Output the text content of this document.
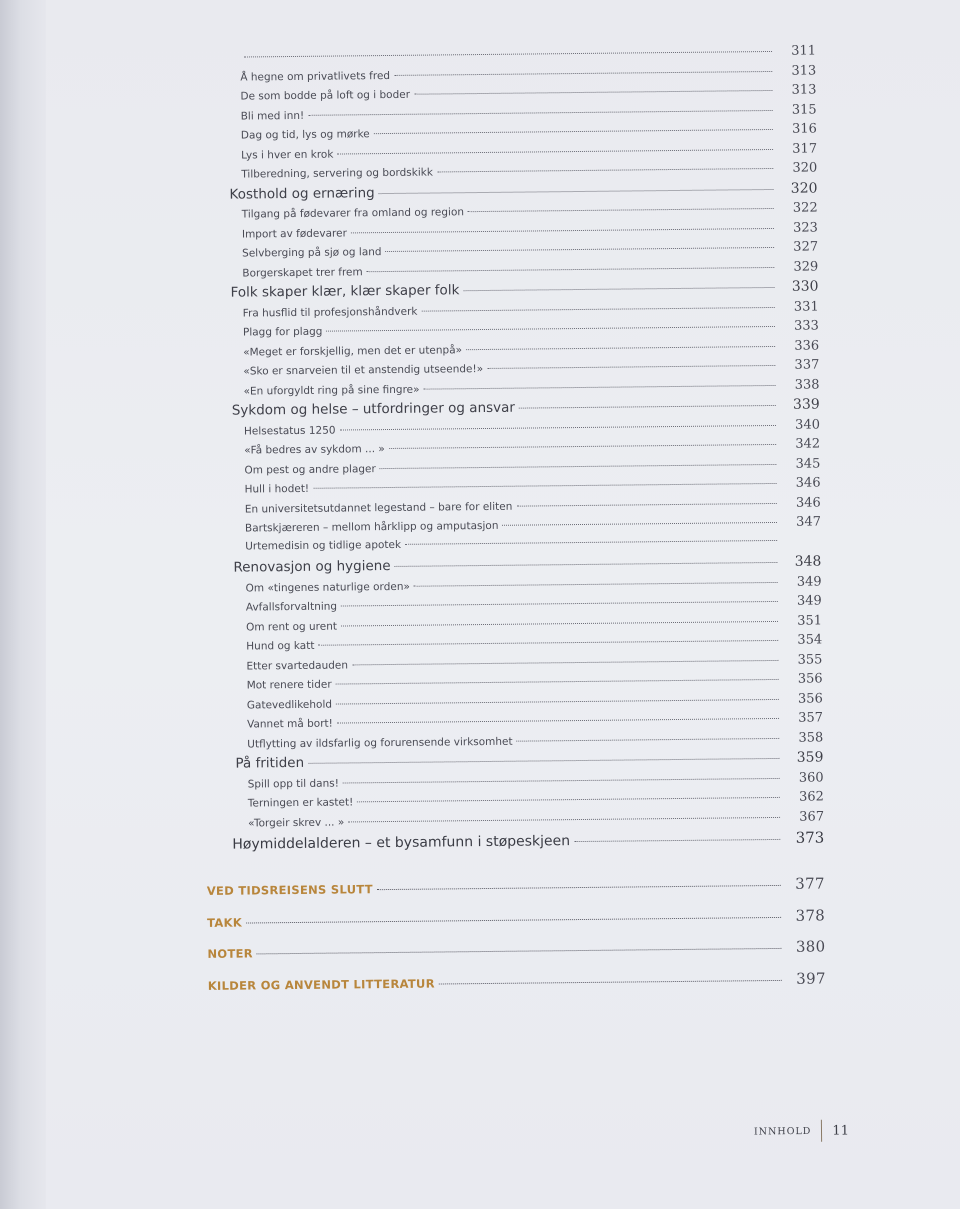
311
Å hegne om privatlivets fred	313
De som bodde på loft og i boder	313
Bli med inn!	315
Dag og tid, lys og mørke	316
Lys i hver en krok	317
Tilberedning, servering og bordskikk	320
Kosthold og ernæring	320
Tilgang på fødevarer fra omland og region	322
Import av fødevarer	323
Selvberging på sjø og land	327
Borgerskapet trer frem	329
Folk skaper klær, klær skaper folk	330
Fra husflid til profesjonshåndverk	331
Plagg for plagg	333
«Meget er forskjellig, men det er utenpå»	336
«Sko er snarveien til et anstendig utseende!»	337
«En uforgyldt ring på sine fingre»	338
Sykdom og helse – utfordringer og ansvar	339
Helsestatus 1250	340
«Få bedres av sykdom ... »	342
Om pest og andre plager	345
Hull i hodet!	346
En universitetsutdannet legestand – bare for eliten	346
Bartskjæreren – mellom hårklipp og amputasjon	347
Urtemedisin og tidlige apotek
Renovasjon og hygiene	348
Om «tingenes naturlige orden»	349
Avfallsforvaltning	349
Om rent og urent	351
Hund og katt	354
Etter svartedauden	355
Mot renere tider	356
Gatevedlikehold	356
Vannet må bort!	357
Utflytting av ildsfarlig og forurensende virksomhet	358
På fritiden	359
Spill opp til dans!	360
Terningen er kastet!	362
«Torgeir skrev ... »	367
Høymiddelalderen – et bysamfunn i støpeskjeen	373
VED TIDSREISENS SLUTT	377
TAKK	378
NOTER	380
KILDER OG ANVENDT LITTERATUR	397
INNHOLD 11
